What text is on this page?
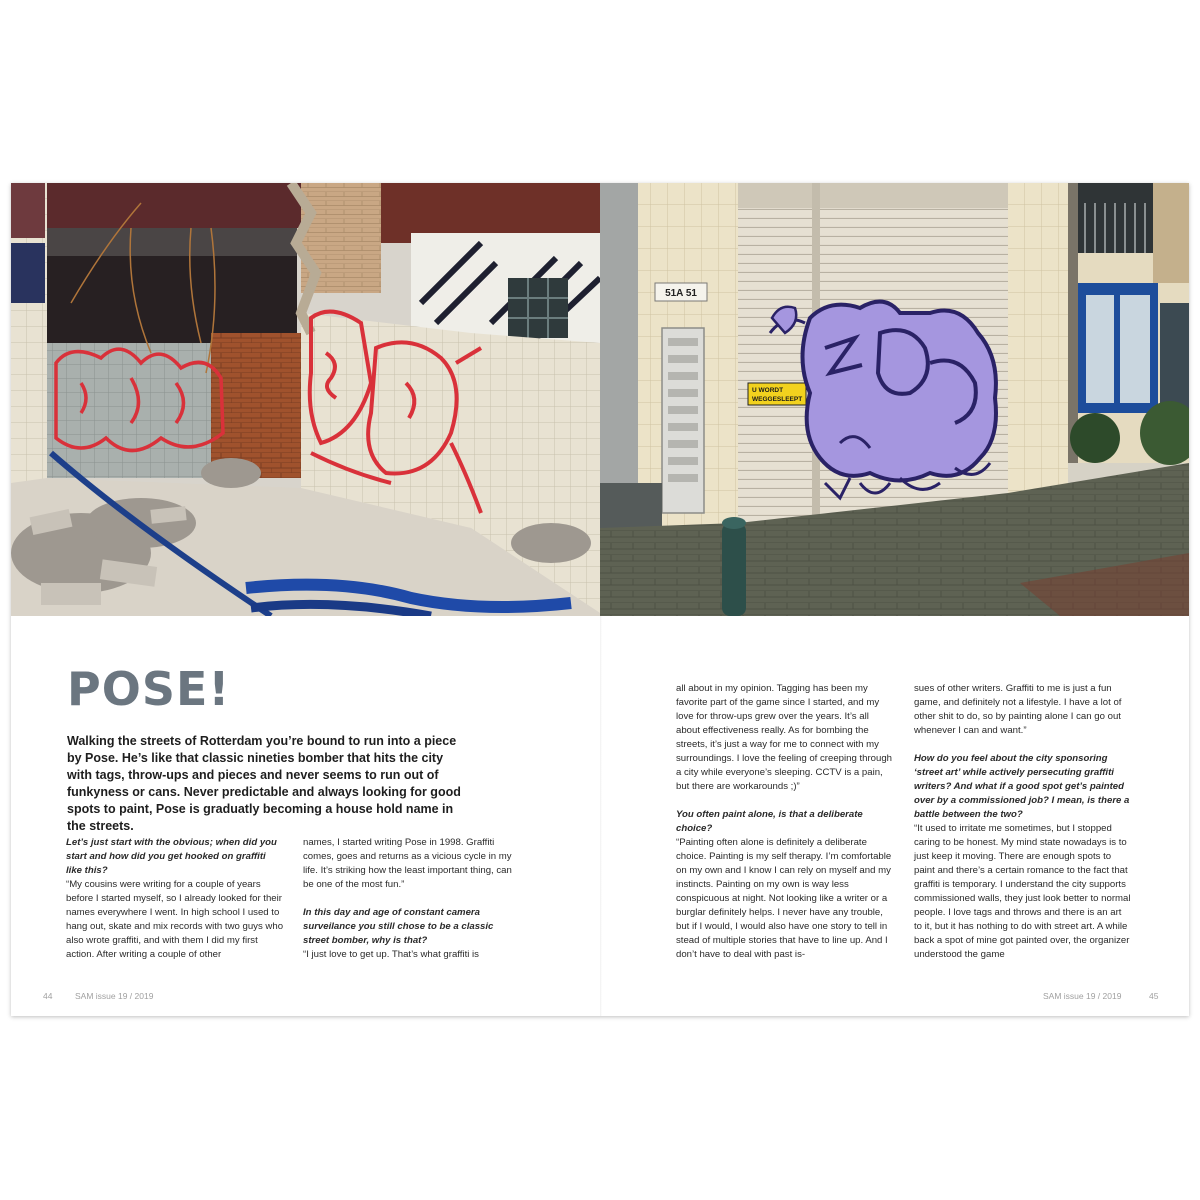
51A 51
U WORDT
WEGGESLEEPT
POSE!

Walking the streets of Rotterdam you’re bound to run into a piece by Pose. He’s like that classic nineties bomber that hits the city with tags, throw-ups and pieces and never seems to run out of funkyness or cans. Never predictable and always looking for good spots to paint, Pose is graduatly becoming a house hold name in the streets.

Let’s just start with the obvious; when did you start and how did you get hooked on graffiti like this?

“My cousins were writing for a couple of years before I started myself, so I already looked for their names everywhere I went. In high school I used to hang out, skate and mix records with two guys who also wrote graffiti, and with them I did my first action. After writing a couple of other

names, I started writing Pose in 1998. Graffiti comes, goes and returns as a vicious cycle in my life. It’s striking how the least important thing, can be one of the most fun.”

In this day and age of constant camera surveilance you still chose to be a classic street bomber, why is that?

“I just love to get up. That’s what graffiti is

all about in my opinion. Tagging has been my favorite part of the game since I started, and my love for throw-ups grew over the years. It’s all about effectiveness really. As for bombing the streets, it’s just a way for me to connect with my surroundings. I love the feeling of creeping through a city while everyone’s sleeping. CCTV is a pain, but there are workarounds ;)”

You often paint alone, is that a deliberate choice?

“Painting often alone is definitely a deliberate choice. Painting is my self therapy. I’m comfortable on my own and I know I can rely on myself and my instincts. Painting on my own is way less conspicuous at night. Not looking like a writer or a burglar definitely helps. I never have any trouble, but if I would, I would also have one story to tell in stead of multiple stories that have to line up. And I don’t have to deal with past is-

sues of other writers. Graffiti to me is just a fun game, and definitely not a lifestyle. I have a lot of other shit to do, so by painting alone I can go out whenever I can and want.”

How do you feel about the city sponsoring ‘street art’ while actively persecuting graffiti writers? And what if a good spot get’s painted over by a commissioned job? I mean, is there a battle between the two?

“It used to irritate me sometimes, but I stopped caring to be honest. My mind state nowadays is to just keep it moving. There are enough spots to paint and there’s a certain romance to the fact that graffiti is temporary. I understand the city supports commissioned walls, they just look better to normal people. I love tags and throws and there is an art to it, but it has nothing to do with street art. A while back a spot of mine got painted over, the organizer understood the game

44	SAM issue 19 / 2019	SAM issue 19 / 2019	45
